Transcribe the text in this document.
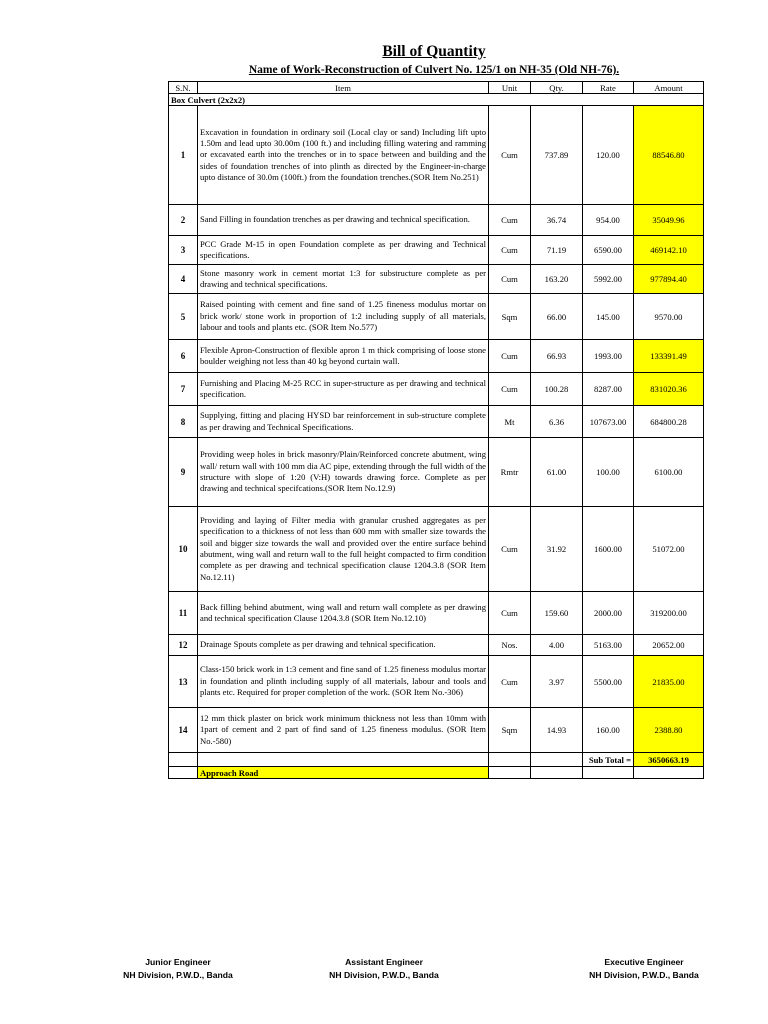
Bill of Quantity
Name of Work-Reconstruction of Culvert No. 125/1 on NH-35 (Old NH-76).
S.N.	Item	Unit	Qty.	Rate	Amount
Box Culvert (2x2x2)					
1	Excavation in foundation in ordinary soil (Local clay or sand) Including lift upto 1.50m and lead upto 30.00m (100 ft.) and including filling watering and ramming or excavated earth into the trenches or in to space between and building and the sides of foundation trenches of into plinth as directed by the Engineer-in-charge upto distance of 30.0m (100ft.) from the foundation trenches.(SOR Item No.251)	Cum	737.89	120.00	88546.80
2	Sand Filling in foundation trenches as per drawing and technical specification.	Cum	36.74	954.00	35049.96
3	PCC Grade M-15 in open Foundation complete as per drawing and Technical specifications.	Cum	71.19	6590.00	469142.10
4	Stone masonry work in cement mortat 1:3 for substructure complete as per drawing and technical specifications.	Cum	163.20	5992.00	977894.40
5	Raised pointing with cement and fine sand of 1.25 fineness modulus mortar on brick work/ stone work in proportion of 1:2 including supply of all materials, labour and tools and plants etc. (SOR Item No.577)	Sqm	66.00	145.00	9570.00
6	Flexible Apron-Construction of flexible apron 1 m thick comprising of loose stone boulder weighing not less than 40 kg beyond curtain wall.	Cum	66.93	1993.00	133391.49
7	Furnishing and Placing M-25 RCC in super-structure as per drawing and technical specification.	Cum	100.28	8287.00	831020.36
8	Supplying, fitting and placing HYSD bar reinforcement in sub-structure complete as per drawing and Technical Specifications.	Mt	6.36	107673.00	684800.28
9	Providing weep holes in brick masonry/Plain/Reinforced concrete abutment, wing wall/ return wall with 100 mm dia AC pipe, extending through the full width of the structure with slope of 1:20 (V:H) towards drawing force. Complete as per drawing and technical specifcations.(SOR Item No.12.9)	Rmtr	61.00	100.00	6100.00
10	Providing and laying of Filter media with granular crushed aggregates as per specification to a thickness of not less than 600 mm with smaller size towards the soil and bigger size towards the wall and provided over the entire surface behind abutment, wing wall and return wall to the full height compacted to firm condition complete as per drawing and technical specification clause 1204.3.8 (SOR Item No.12.11)	Cum	31.92	1600.00	51072.00
11	Back filling behind abutment, wing wall and return wall complete as per drawing and technical specification Clause 1204.3.8 (SOR Item No.12.10)	Cum	159.60	2000.00	319200.00
12	Drainage Spouts complete as per drawing and tehnical specification.	Nos.	4.00	5163.00	20652.00
13	Class-150 brick work in 1:3 cement and fine sand of 1.25 fineness modulus mortar in foundation and plinth including supply of all materials, labour and tools and plants etc. Required for proper completion of the work. (SOR Item No.-306)	Cum	3.97	5500.00	21835.00
14	12 mm thick plaster on brick work minimum thickness not less than 10mm with 1part of cement and 2 part of find sand of 1.25 fineness modulus. (SOR Item No.-580)	Sqm	14.93	160.00	2388.80
				Sub Total =	3650663.19
	Approach Road				
Junior Engineer
NH Division, P.W.D., Banda
Assistant Engineer
NH Division, P.W.D., Banda
Executive Engineer
NH Division, P.W.D., Banda
